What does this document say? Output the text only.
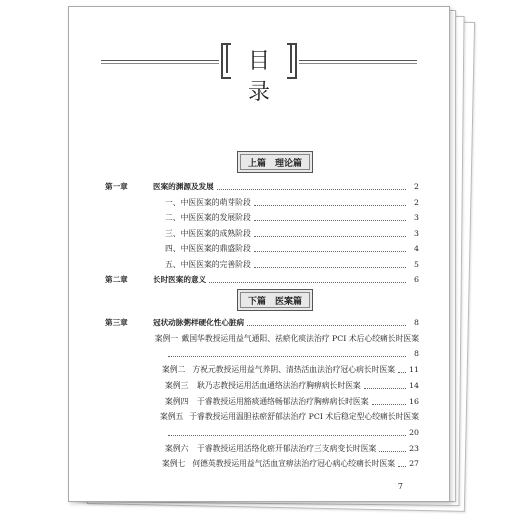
目 录
上篇　理论篇
第一章	医案的渊源及发展	2
一、中医医案的萌芽阶段	2
二、中医医案的发展阶段	3
三、中医医案的成熟阶段	3
四、中医医案的鼎盛阶段	4
五、中医医案的完善阶段	5
第二章	长时医案的意义	6
下篇　医案篇
第三章	冠状动脉粥样硬化性心脏病	8
案例一 戴国华教授运用益气通阳、祛瘀化痰法治疗 PCI 术后心绞痛长时医案
8
案例二 方祝元教授运用益气养阴、清热活血法治疗冠心病长时医案 11
案例三	耿乃志教授运用活血通络法治疗胸痹病长时医案	14
案例四	于睿教授运用豁痰通络畅郁法治疗胸痹病长时医案	16
案例五 于睿教授运用温胆祛瘀舒郁法治疗 PCI 术后稳定型心绞痛长时医案
20
案例六	于睿教授运用活络化瘀开郁法治疗三支病变长时医案	23
案例七 何德英教授运用益气活血宣痹法治疗冠心病心绞痛长时医案 27
7
